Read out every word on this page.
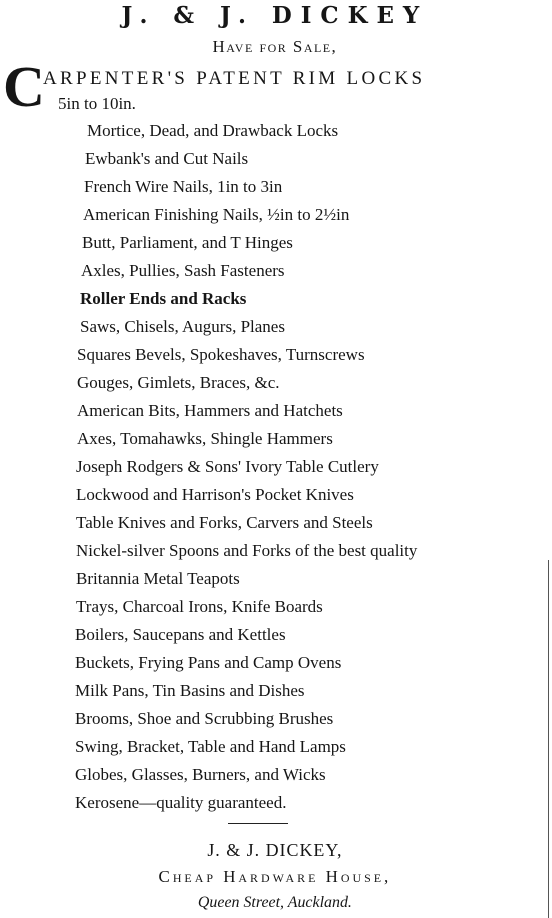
J. & J. DICKEY
Have for Sale,
C
ARPENTER'S PATENT RIM LOCKS
5in to 10in.
Mortice, Dead, and Drawback Locks
Ewbank's and Cut Nails
French Wire Nails, 1in to 3in
American Finishing Nails, ½in to 2½in
Butt, Parliament, and T Hinges
Axles, Pullies, Sash Fasteners
Roller Ends and Racks
Saws, Chisels, Augurs, Planes
Squares Bevels, Spokeshaves, Turnscrews
Gouges, Gimlets, Braces, &c.
American Bits, Hammers and Hatchets
Axes, Tomahawks, Shingle Hammers
Joseph Rodgers & Sons' Ivory Table Cutlery
Lockwood and Harrison's Pocket Knives
Table Knives and Forks, Carvers and Steels
Nickel-silver Spoons and Forks of the best quality
Britannia Metal Teapots
Trays, Charcoal Irons, Knife Boards
Boilers, Saucepans and Kettles
Buckets, Frying Pans and Camp Ovens
Milk Pans, Tin Basins and Dishes
Brooms, Shoe and Scrubbing Brushes
Swing, Bracket, Table and Hand Lamps
Globes, Glasses, Burners, and Wicks
Kerosene—quality guaranteed.
J. & J. DICKEY,
Cheap Hardware House,
Queen Street, Auckland.
